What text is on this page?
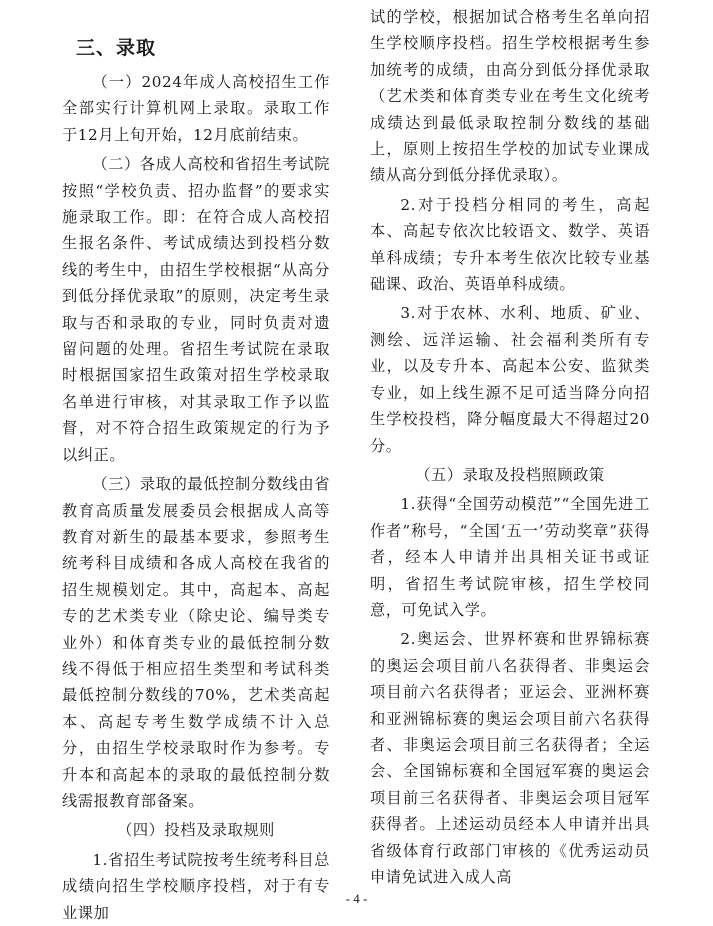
三、录取

（一）2024年成人高校招生工作全部实行计算机网上录取。录取工作于12月上旬开始，12月底前结束。

（二）各成人高校和省招生考试院按照“学校负责、招办监督”的要求实施录取工作。即：在符合成人高校招生报名条件、考试成绩达到投档分数线的考生中，由招生学校根据“从高分到低分择优录取”的原则，决定考生录取与否和录取的专业，同时负责对遗留问题的处理。省招生考试院在录取时根据国家招生政策对招生学校录取名单进行审核，对其录取工作予以监督，对不符合招生政策规定的行为予以纠正。

（三）录取的最低控制分数线由省教育高质量发展委员会根据成人高等教育对新生的最基本要求，参照考生统考科目成绩和各成人高校在我省的招生规模划定。其中，高起本、高起专的艺术类专业（除史论、编导类专业外）和体育类专业的最低控制分数线不得低于相应招生类型和考试科类最低控制分数线的70%，艺术类高起本、高起专考生数学成绩不计入总分，由招生学校录取时作为参考。专升本和高起本的录取的最低控制分数线需报教育部备案。

（四）投档及录取规则

1.省招生考试院按考生统考科目总成绩向招生学校顺序投档，对于有专业课加

试的学校，根据加试合格考生名单向招生学校顺序投档。招生学校根据考生参加统考的成绩，由高分到低分择优录取（艺术类和体育类专业在考生文化统考成绩达到最低录取控制分数线的基础上，原则上按招生学校的加试专业课成绩从高分到低分择优录取）。

2.对于投档分相同的考生，高起本、高起专依次比较语文、数学、英语单科成绩；专升本考生依次比较专业基础课、政治、英语单科成绩。

3.对于农林、水利、地质、矿业、测绘、远洋运输、社会福利类所有专业，以及专升本、高起本公安、监狱类专业，如上线生源不足可适当降分向招生学校投档，降分幅度最大不得超过20分。

（五）录取及投档照顾政策

1.获得“全国劳动模范”“全国先进工作者”称号，“全国‘五一’劳动奖章”获得者，经本人申请并出具相关证书或证明，省招生考试院审核，招生学校同意，可免试入学。

2.奥运会、世界杯赛和世界锦标赛的奥运会项目前八名获得者、非奥运会项目前六名获得者；亚运会、亚洲杯赛和亚洲锦标赛的奥运会项目前六名获得者、非奥运会项目前三名获得者；全运会、全国锦标赛和全国冠军赛的奥运会项目前三名获得者、非奥运会项目冠军获得者。上述运动员经本人申请并出具省级体育行政部门审核的《优秀运动员申请免试进入成人高

- 4 -
